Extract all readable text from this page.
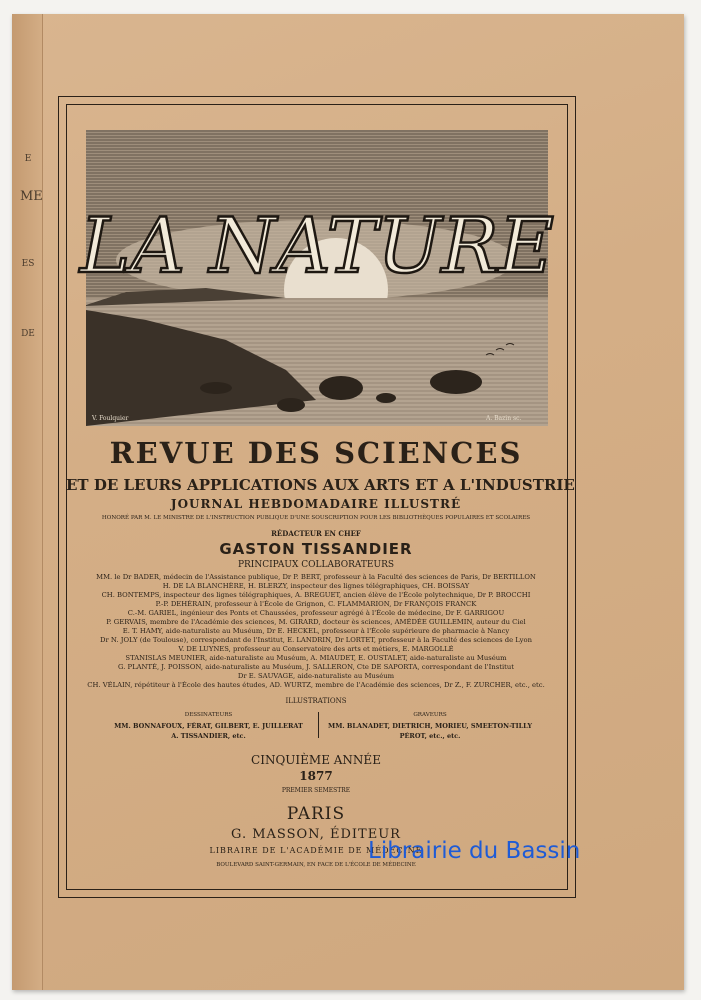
E
ME
ES
DE
LA NATURE
V. Foulquier	A. Bazin sc.
REVUE DES SCIENCES
ET DE LEURS APPLICATIONS AUX ARTS ET A L'INDUSTRIE
JOURNAL HEBDOMADAIRE ILLUSTRÉ
HONORÉ PAR M. LE MINISTRE DE L'INSTRUCTION PUBLIQUE D'UNE SOUSCRIPTION POUR LES BIBLIOTHÈQUES POPULAIRES ET SCOLAIRES
RÉDACTEUR EN CHEF
GASTON TISSANDIER
PRINCIPAUX COLLABORATEURS
MM. le Dr BADER, médecin de l'Assistance publique, Dr P. BERT, professeur à la Faculté des sciences de Paris, Dr BERTILLON
H. DE LA BLANCHÈRE, H. BLERZY, inspecteur des lignes télégraphiques, CH. BOISSAY
CH. BONTEMPS, inspecteur des lignes télégraphiques, A. BREGUET, ancien élève de l'École polytechnique, Dr P. BROCCHI
P.-P. DEHÉRAIN, professeur à l'École de Grignon, C. FLAMMARION, Dr FRANÇOIS FRANCK
C.-M. GARIEL, ingénieur des Ponts et Chaussées, professeur agrégé à l'École de médecine, Dr F. GARRIGOU
P. GERVAIS, membre de l'Académie des sciences, M. GIRARD, docteur ès sciences, AMÉDÉE GUILLEMIN, auteur du Ciel
E. T. HAMY, aide-naturaliste au Muséum, Dr E. HECKEL, professeur à l'École supérieure de pharmacie à Nancy
Dr N. JOLY (de Toulouse), correspondant de l'Institut, E. LANDRIN, Dr LORTET, professeur à la Faculté des sciences de Lyon
V. DE LUYNES, professeur au Conservatoire des arts et métiers, E. MARGOLLÉ
STANISLAS MEUNIER, aide-naturaliste au Muséum, A. MIAUDET, E. OUSTALET, aide-naturaliste au Muséum
G. PLANTÉ, J. POISSON, aide-naturaliste au Muséum, J. SALLERON, Cte DE SAPORTA, correspondant de l'Institut
Dr E. SAUVAGE, aide-naturaliste au Muséum
CH. VÉLAIN, répétiteur à l'École des hautes études, AD. WURTZ, membre de l'Académie des sciences, Dr Z., F. ZURCHER, etc., etc.
ILLUSTRATIONS
DESSINATEURS
MM. BONNAFOUX, FÉRAT, GILBERT, E. JUILLERAT
A. TISSANDIER, etc.
GRAVEURS
MM. BLANADET, DIETRICH, MORIEU, SMEETON-TILLY
PÉROT, etc., etc.
CINQUIÈME ANNÉE
1877
PREMIER SEMESTRE
PARIS
G. MASSON, ÉDITEUR
LIBRAIRE DE L'ACADÉMIE DE MÉDECINE
BOULEVARD SAINT-GERMAIN, EN FACE DE L'ÉCOLE DE MÉDECINE
Librairie du Bassin
